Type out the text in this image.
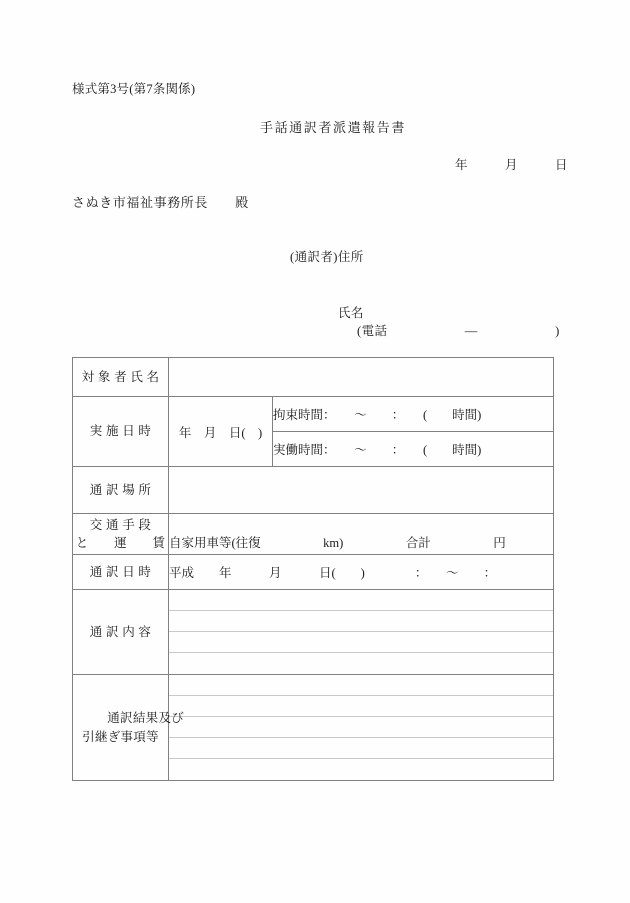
様式第3号(第7条関係)
手話通訳者派遣報告書
年　　　月　　　日
さぬき市福祉事務所長　　殿
(通訳者)住所
氏名
(電話　　　　　　―　　　　　　)
対 象 者 氏 名		
実 施 日 時	年　月　日(　)	拘束時間：　　〜　　：　　(　　時間)
		実働時間：　　〜　　：　　(　　時間)
通 訳 場 所		
交 通 手 段
と　　運　　賃	自家用車等(往復　　　　　km)　　　　　合計　　　　　円	
通 訳 日 時	平成　　年　　　月　　　日(　　)　　　　：　　〜　　：	
通 訳 内 容		

通訳結果及び
引継ぎ事項等	
